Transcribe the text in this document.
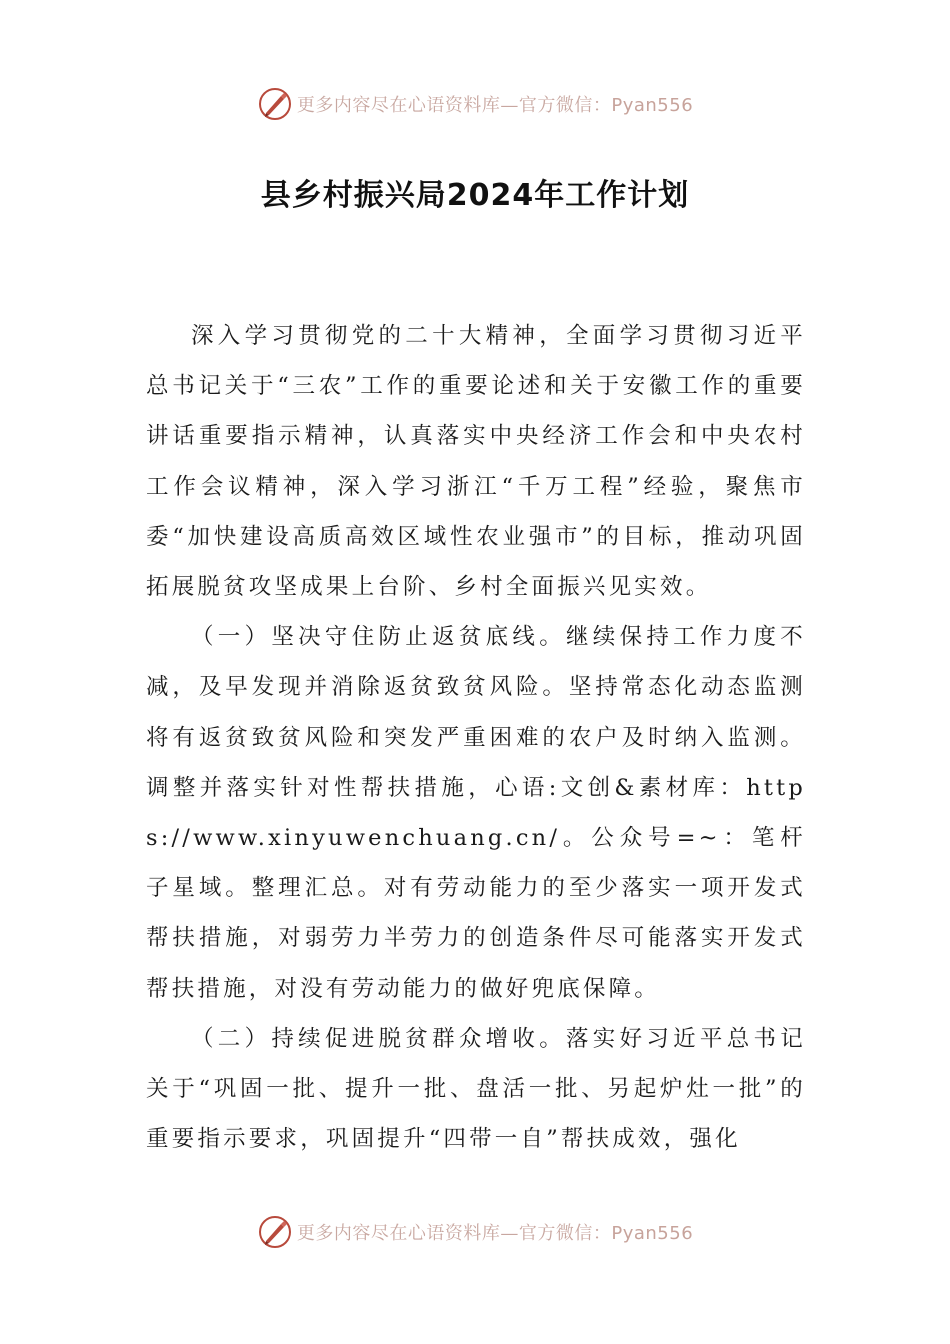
更多内容尽在心语资料库—官方微信：Pyan556
县乡村振兴局2024年工作计划

深入学习贯彻党的二十大精神，全面学习贯彻习近平总书记关于“三农”工作的重要论述和关于安徽工作的重要讲话重要指示精神，认真落实中央经济工作会和中央农村工作会议精神，深入学习浙江“千万工程”经验，聚焦市委“加快建设高质高效区域性农业强市”的目标，推动巩固拓展脱贫攻坚成果上台阶、乡村全面振兴见实效。

（一）坚决守住防止返贫底线。继续保持工作力度不减，及早发现并消除返贫致贫风险。坚持常态化动态监测将有返贫致贫风险和突发严重困难的农户及时纳入监测。调整并落实针对性帮扶措施，心语:文创&素材库：https://www.xinyuwenchuang.cn/。公众号=~：笔杆子星域。整理汇总。对有劳动能力的至少落实一项开发式帮扶措施，对弱劳力半劳力的创造条件尽可能落实开发式帮扶措施，对没有劳动能力的做好兜底保障。

（二）持续促进脱贫群众增收。落实好习近平总书记关于“巩固一批、提升一批、盘活一批、另起炉灶一批”的重要指示要求，巩固提升“四带一自”帮扶成效，强化

更多内容尽在心语资料库—官方微信：Pyan556
